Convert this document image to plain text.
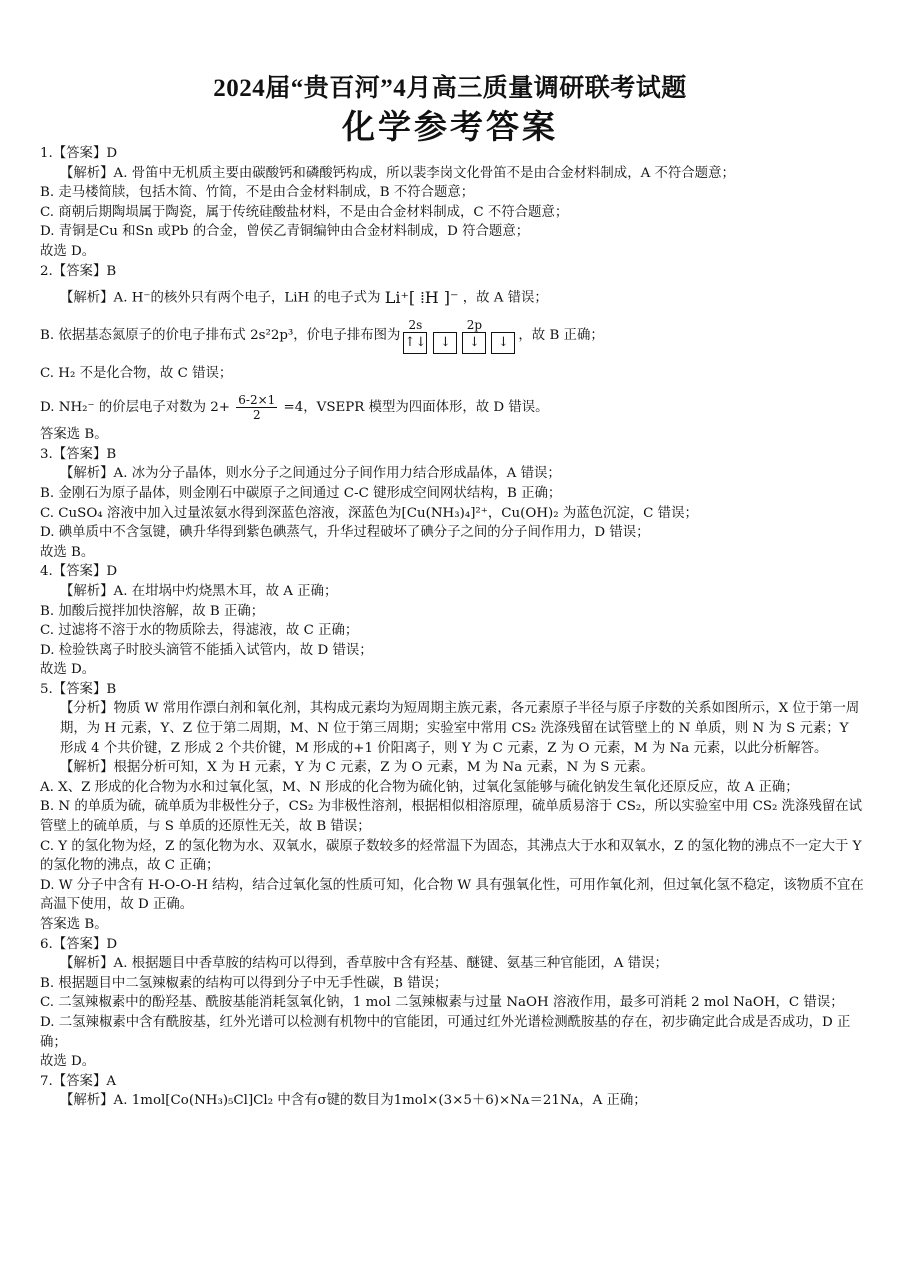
2024届“贵百河”4月高三质量调研联考试题
化学参考答案
1.【答案】D
【解析】A. 骨笛中无机质主要由碳酸钙和磷酸钙构成，所以裴李岗文化骨笛不是由合金材料制成，A 不符合题意；
B. 走马楼简牍，包括木简、竹简，不是由合金材料制成，B 不符合题意；
C. 商朝后期陶埙属于陶瓷，属于传统硅酸盐材料，不是由合金材料制成，C 不符合题意；
D. 青铜是Cu 和Sn 或Pb 的合金，曾侯乙青铜编钟由合金材料制成，D 符合题意；
故选 D。
2.【答案】B
【解析】A. H⁻的核外只有两个电子，LiH 的电子式为 Li⁺[ ⁞H ]⁻ ，故 A 错误；
B. 依据基态氮原子的价电子排布式 2s²2p³，价电子排布图为
2s
↑↓
2p
↓	↓	↓ ，故 B 正确；
C. H₂ 不是化合物，故 C 错误；
D. NH₂⁻ 的价层电子对数为 $2+ \frac{6-2\times 1}{2} =4$，VSEPR 模型为四面体形，故 D 错误。
答案选 B。
3.【答案】B
【解析】A. 冰为分子晶体，则水分子之间通过分子间作用力结合形成晶体，A 错误；
B. 金刚石为原子晶体，则金刚石中碳原子之间通过 C-C 键形成空间网状结构，B 正确；
C. CuSO₄ 溶液中加入过量浓氨水得到深蓝色溶液，深蓝色为[Cu(NH₃)₄]²⁺，Cu(OH)₂ 为蓝色沉淀，C 错误；
D. 碘单质中不含氢键，碘升华得到紫色碘蒸气，升华过程破坏了碘分子之间的分子间作用力，D 错误；
故选 B。
4.【答案】D
【解析】A. 在坩埚中灼烧黑木耳，故 A 正确；
B. 加酸后搅拌加快溶解，故 B 正确；
C. 过滤将不溶于水的物质除去，得滤液，故 C 正确；
D. 检验铁离子时胶头滴管不能插入试管内，故 D 错误；
故选 D。
5.【答案】B
【分析】物质 W 常用作漂白剂和氧化剂，其构成元素均为短周期主族元素，各元素原子半径与原子序数的关系如图所示，X 位于第一周期，为 H 元素，Y、Z 位于第二周期，M、N 位于第三周期；实验室中常用 CS₂ 洗涤残留在试管壁上的 N 单质，则 N 为 S 元素；Y 形成 4 个共价键，Z 形成 2 个共价键，M 形成的+1 价阳离子，则 Y 为 C 元素，Z 为 O 元素，M 为 Na 元素，以此分析解答。
【解析】根据分析可知，X 为 H 元素，Y 为 C 元素，Z 为 O 元素，M 为 Na 元素，N 为 S 元素。
A. X、Z 形成的化合物为水和过氧化氢，M、N 形成的化合物为硫化钠，过氧化氢能够与硫化钠发生氧化还原反应，故 A 正确；
B. N 的单质为硫，硫单质为非极性分子，CS₂ 为非极性溶剂，根据相似相溶原理，硫单质易溶于 CS₂，所以实验室中用 CS₂ 洗涤残留在试管壁上的硫单质，与 S 单质的还原性无关，故 B 错误；
C. Y 的氢化物为烃，Z 的氢化物为水、双氧水，碳原子数较多的烃常温下为固态，其沸点大于水和双氧水，Z 的氢化物的沸点不一定大于 Y 的氢化物的沸点，故 C 正确；
D. W 分子中含有 H-O-O-H 结构，结合过氧化氢的性质可知，化合物 W 具有强氧化性，可用作氧化剂，但过氧化氢不稳定，该物质不宜在高温下使用，故 D 正确。
答案选 B。
6.【答案】D
【解析】A. 根据题目中香草胺的结构可以得到，香草胺中含有羟基、醚键、氨基三种官能团，A 错误；
B. 根据题目中二氢辣椒素的结构可以得到分子中无手性碳，B 错误；
C. 二氢辣椒素中的酚羟基、酰胺基能消耗氢氧化钠，1 mol 二氢辣椒素与过量 NaOH 溶液作用，最多可消耗 2 mol NaOH，C 错误；
D. 二氢辣椒素中含有酰胺基，红外光谱可以检测有机物中的官能团，可通过红外光谱检测酰胺基的存在，初步确定此合成是否成功，D 正确；
故选 D。
7.【答案】A
【解析】A. 1mol[Co(NH₃)₅Cl]Cl₂ 中含有σ键的数目为1mol×(3×5＋6)×Nᴀ＝21Nᴀ，A 正确；
